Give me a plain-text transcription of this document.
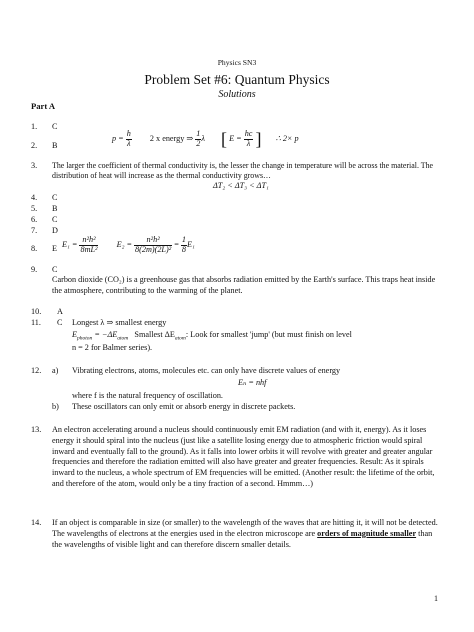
Physics SN3
Problem Set #6: Quantum Physics
Solutions
Part A
1. C
2. B
$p = \frac{h}{\lambda} 2$ x energy ⇒ $\frac{1}{2}$ λ [ $E = \frac{hc}{\lambda}$ ] ∴ 2× p
3. The larger the coefficient of thermal conductivity is, the lesser the change in temperature will be across the material. The distribution of heat will increase as the thermal conductivity grows…
ΔT₂ < ΔT₃ < ΔT₁
4. C
5. B
6. C
7. D
8. E $E_1 = \frac{\text{n²h²}}{\text{8mL²}} E_2 = \frac{\text{n²h²}}{\text{8(2m)(2L)²}} = \frac{1}{8} E_1$
9. C
Carbon dioxide (CO₂) is a greenhouse gas that absorbs radiation emitted by the Earth's surface. This traps heat inside the atmosphere, contributing to the warming of the planet.
10. A
11. C Longest λ ⇒ smallest energy
$E_{photon} = -\Delta E_{atom}$ Smallest $\Delta E_{atom}$: Look for smallest 'jump' (but must finish on level
n = 2 for Balmer series).
12. a) Vibrating electrons, atoms, molecules etc. can only have discrete values of energy
Eₙ = nhf
where f is the natural frequency of oscillation.
b) These oscillators can only emit or absorb energy in discrete packets.
13. An electron accelerating around a nucleus should continuously emit EM radiation (and with it, energy). As it loses energy it should spiral into the nucleus (just like a satellite losing energy due to atmospheric friction would spiral inward and eventually fall to the ground). As it falls into lower orbits it will revolve with greater and greater angular frequencies and therefore the radiation emitted will also have greater and greater frequencies. Result: As it spirals inward to the nucleus, a whole spectrum of EM frequencies will be emitted. (Another result: the lifetime of the orbit, and therefore of the atom, would only be a tiny fraction of a second. Hmmm…)
14. If an object is comparable in size (or smaller) to the wavelength of the waves that are hitting it, it will not be detected. The wavelengths of electrons at the energies used in the electron microscope are orders of magnitude smaller than the wavelengths of visible light and can therefore discern smaller details.
1
